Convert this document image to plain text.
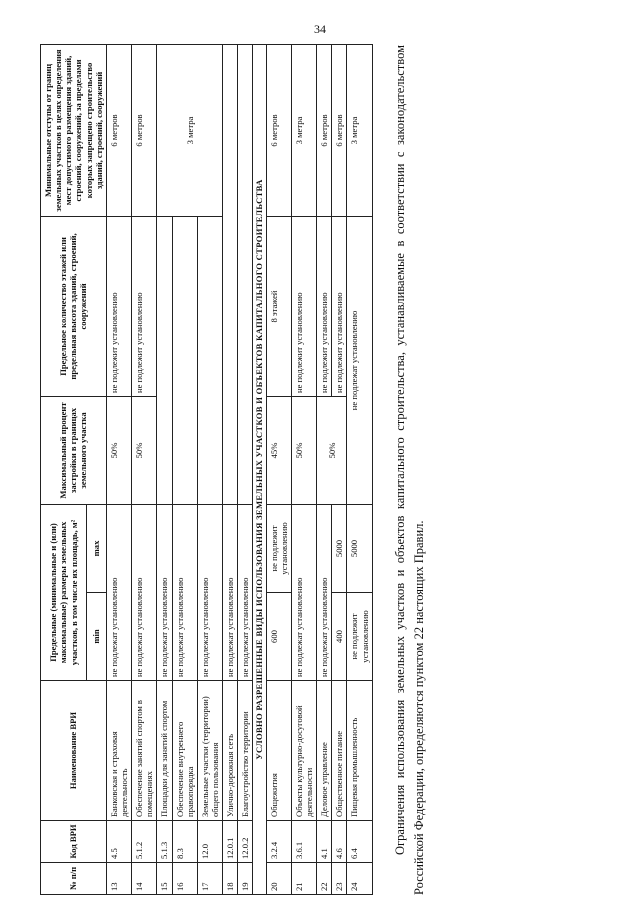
34
№ п/п	Код ВРИ	Наименование ВРИ	Предельные (минимальные и (или) максимальные) размеры земельных участков, в том числе их площадь, м²		Максимальный процент застройки в границах земельного участка	Предельное количество этажей или предельная высота зданий, строений, сооружений	Минимальные отступы от границ земельных участков в целях определения мест допустимого размещения зданий, строений, сооружений, за пределами которых запрещено строительство зданий, строений, сооружений
			min	max			
13	4.5	Банковская и страховая деятельность	не подлежат установлению		50%	не подлежит установлению	6 метров
14	5.1.2	Обеспечение занятий спортом в помещениях	не подлежат установлению		50%	не подлежит установлению	6 метров
15	5.1.3	Площадки для занятий спортом	не подлежат установлению				3 метра
16	8.3	Обеспечение внутреннего правопорядка	не подлежат установлению				
17	12.0	Земельные участки (территории) общего пользования	не подлежат установлению				
18	12.0.1	Улично-дорожная сеть	не подлежат установлению				
19	12.0.2	Благоустройство территории	не подлежат установлению				
УСЛОВНО РАЗРЕШЕННЫЕ ВИДЫ ИСПОЛЬЗОВАНИЯ ЗЕМЕЛЬНЫХ УЧАСТКОВ И ОБЪЕКТОВ КАПИТАЛЬНОГО СТРОИТЕЛЬСТВА							
20	3.2.4	Общежития	600	не подлежит установлению	45%	8 этажей	6 метров
21	3.6.1	Объекты культурно-досуговой деятельности	не подлежат установлению		50%	не подлежит установлению	3 метра
22	4.1	Деловое управление	не подлежат установлению		50%	не подлежит установлению	6 метров
23	4.6	Общественное питание	400	5000		не подлежит установлению	6 метров
24	6.4	Пищевая промышленность	не подлежит установлению	5000	не подлежат установлению		3 метра	Ограничения использования земельных участков и объектов капитального строительства, устанавливаемые в соответствии с законодательством Российской Федерации, определяются пунктом 22 настоящих Правил.
